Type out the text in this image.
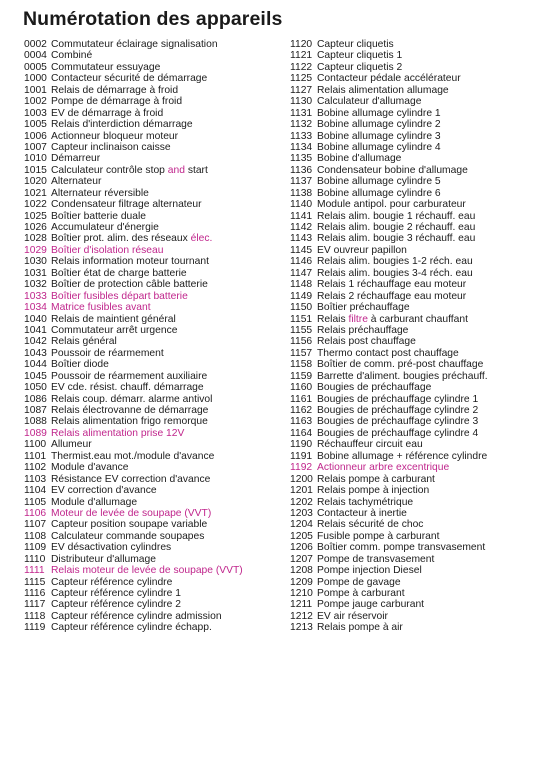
Numérotation des appareils
0002 Commutateur éclairage signalisation
0004 Combiné
0005 Commutateur essuyage
1000 Contacteur sécurité de démarrage
1001 Relais de démarrage à froid
1002 Pompe de démarrage à froid
1003 EV de démarrage à froid
1005 Relais d'interdiction démarrage
1006 Actionneur bloqueur moteur
1007 Capteur inclinaison caisse
1010 Démarreur
1015 Calculateur contrôle stop and start
1020 Alternateur
1021 Alternateur réversible
1022 Condensateur filtrage alternateur
1025 Boîtier batterie duale
1026 Accumulateur d'énergie
1028 Boîtier prot. alim. des réseaux élec.
1029 Boîtier d'isolation réseau
1030 Relais information moteur tournant
1031 Boîtier état de charge batterie
1032 Boîtier de protection câble batterie
1033 Boîtier fusibles départ batterie
1034 Matrice fusibles avant
1040 Relais de maintient général
1041 Commutateur arrêt urgence
1042 Relais général
1043 Poussoir de réarmement
1044 Boîtier diode
1045 Poussoir de réarmement auxiliaire
1050 EV cde. résist. chauff. démarrage
1086 Relais coup. démarr. alarme antivol
1087 Relais électrovanne de démarrage
1088 Relais alimentation frigo remorque
1089 Relais alimentation prise 12V
1100 Allumeur
1101 Thermist.eau mot./module d'avance
1102 Module d'avance
1103 Résistance EV correction d'avance
1104 EV correction d'avance
1105 Module d'allumage
1106 Moteur de levée de soupape (VVT)
1107 Capteur position soupape variable
1108 Calculateur commande soupapes
1109 EV désactivation cylindres
1110 Distributeur d'allumage
1111 Relais moteur de levée de soupape (VVT)
1115 Capteur référence cylindre
1116 Capteur référence cylindre 1
1117 Capteur référence cylindre 2
1118 Capteur référence cylindre admission
1119 Capteur référence cylindre échapp.
1120 Capteur cliquetis
1121 Capteur cliquetis 1
1122 Capteur cliquetis 2
1125 Contacteur pédale accélérateur
1127 Relais alimentation allumage
1130 Calculateur d'allumage
1131 Bobine allumage cylindre 1
1132 Bobine allumage cylindre 2
1133 Bobine allumage cylindre 3
1134 Bobine allumage cylindre 4
1135 Bobine d'allumage
1136 Condensateur bobine d'allumage
1137 Bobine allumage cylindre 5
1138 Bobine allumage cylindre 6
1140 Module antipol. pour carburateur
1141 Relais alim. bougie 1 réchauff. eau
1142 Relais alim. bougie 2 réchauff. eau
1143 Relais alim. bougie 3 réchauff. eau
1145 EV ouvreur papillon
1146 Relais alim. bougies 1-2 réch. eau
1147 Relais alim. bougies 3-4 réch. eau
1148 Relais 1 réchauffage eau moteur
1149 Relais 2 réchauffage eau moteur
1150 Boîtier préchauffage
1151 Relais filtre à carburant chauffant
1155 Relais préchauffage
1156 Relais post chauffage
1157 Thermo contact post chauffage
1158 Boîtier de comm. pré-post chauffage
1159 Barrette d'aliment. bougies préchauff.
1160 Bougies de préchauffage
1161 Bougies de préchauffage cylindre 1
1162 Bougies de préchauffage cylindre 2
1163 Bougies de préchauffage cylindre 3
1164 Bougies de préchauffage cylindre 4
1190 Réchauffeur circuit eau
1191 Bobine allumage + référence cylindre
1192 Actionneur arbre excentrique
1200 Relais pompe à carburant
1201 Relais pompe à injection
1202 Relais tachymétrique
1203 Contacteur à inertie
1204 Relais sécurité de choc
1205 Fusible pompe à carburant
1206 Boîtier comm. pompe transvasement
1207 Pompe de transvasement
1208 Pompe injection Diesel
1209 Pompe de gavage
1210 Pompe à carburant
1211 Pompe jauge carburant
1212 EV air réservoir
1213 Relais pompe à air
